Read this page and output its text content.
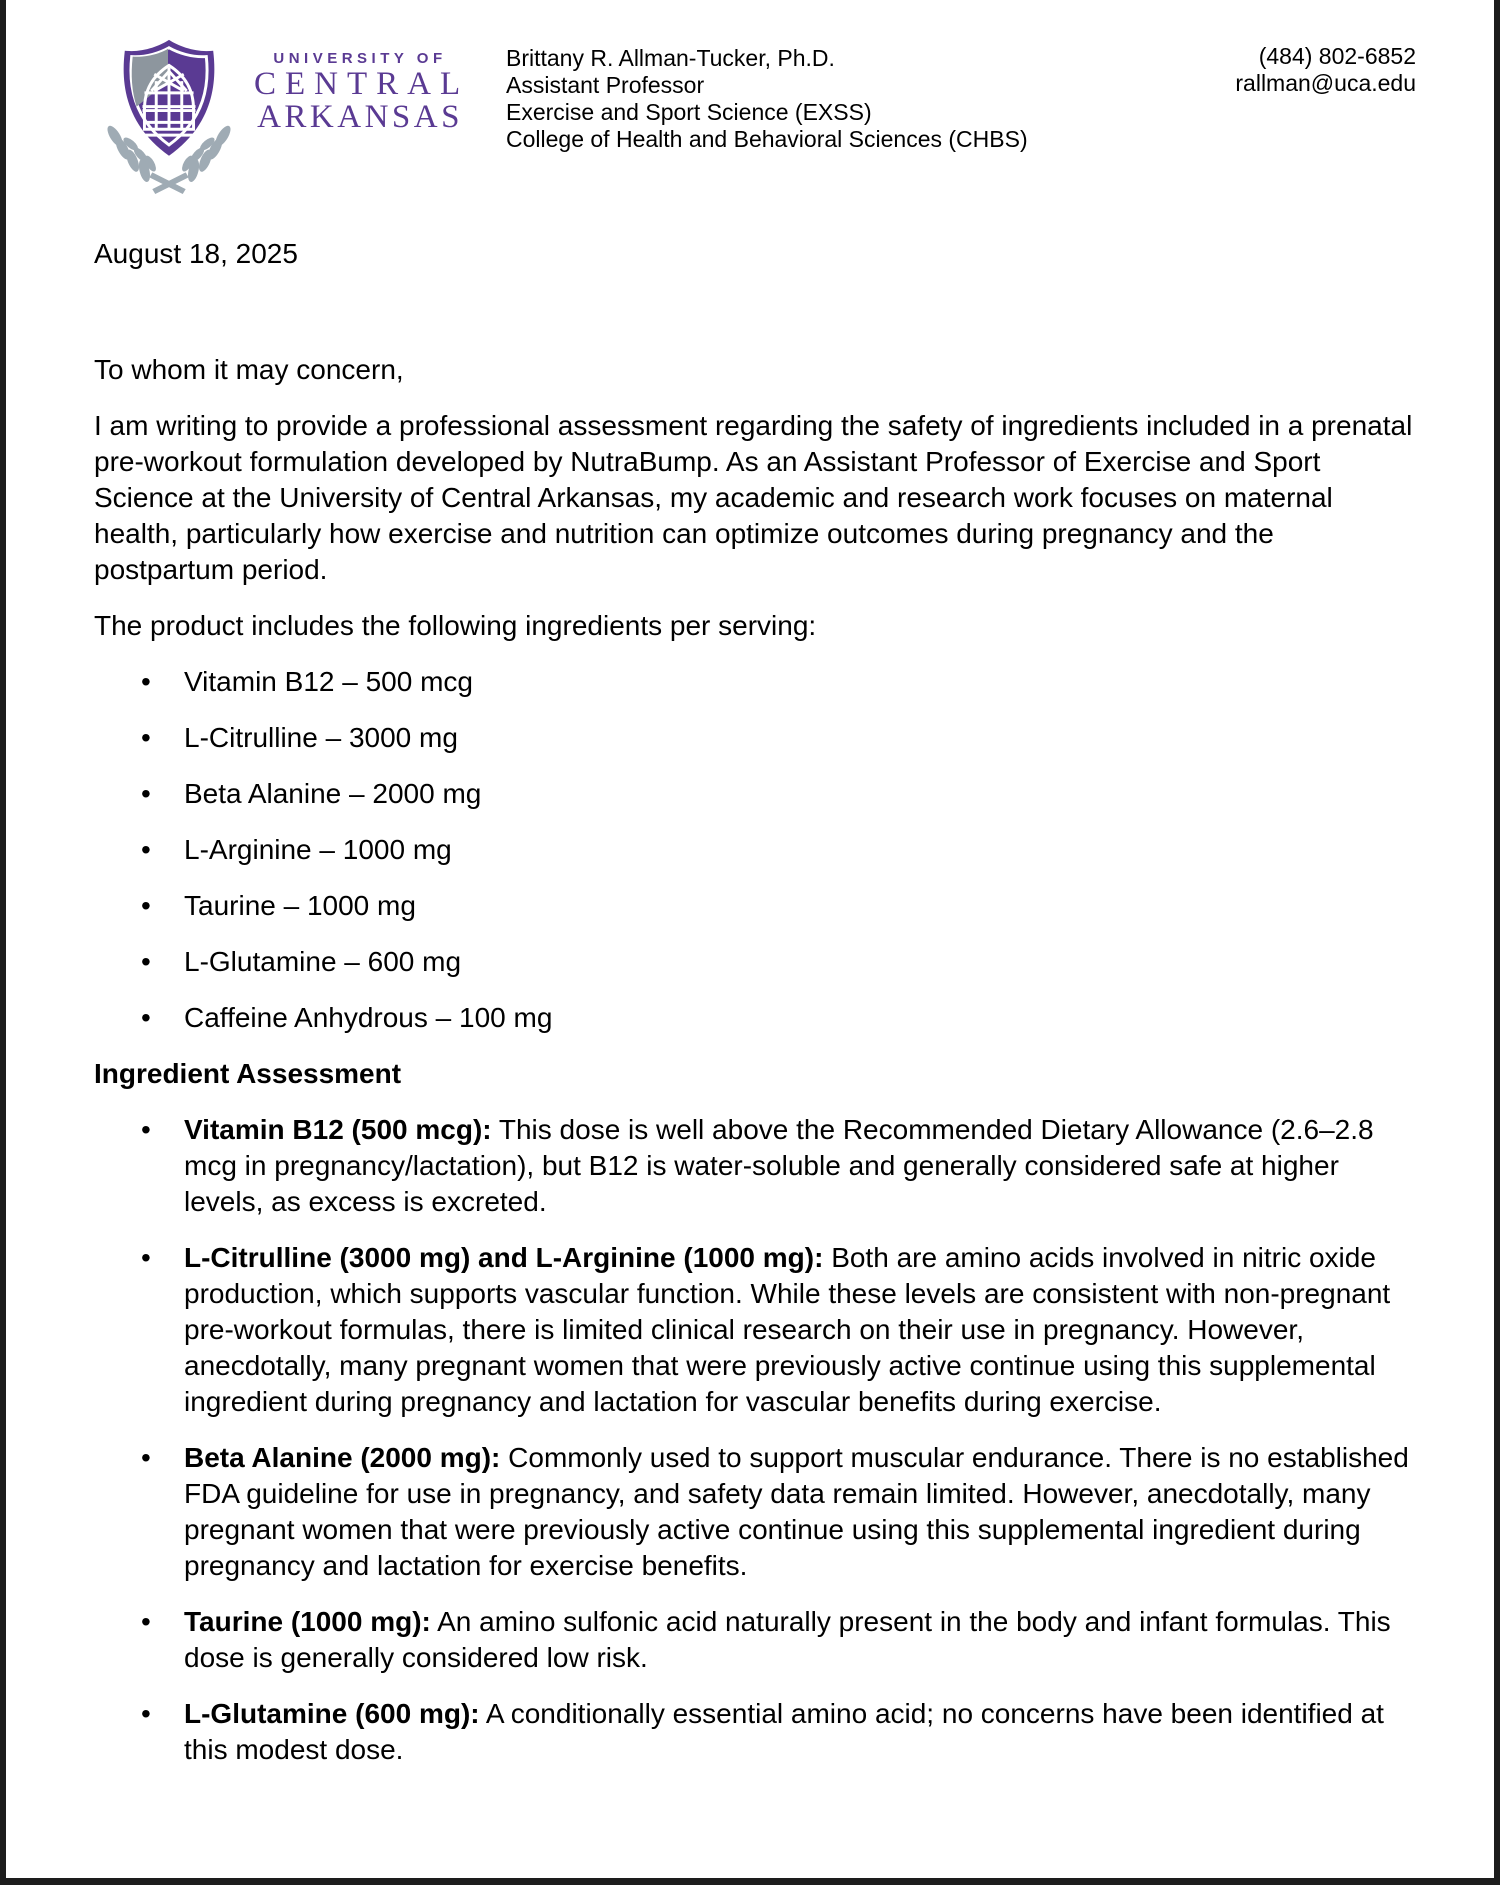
UNIVERSITY OF
CENTRAL
ARKANSAS
Brittany R. Allman-Tucker, Ph.D.
Assistant Professor
Exercise and Sport Science (EXSS)
College of Health and Behavioral Sciences (CHBS)
(484) 802-6852
rallman@uca.edu

August 18, 2025

To whom it may concern,

I am writing to provide a professional assessment regarding the safety of ingredients included in a prenatal pre-workout formulation developed by NutraBump. As an Assistant Professor of Exercise and Sport Science at the University of Central Arkansas, my academic and research work focuses on maternal health, particularly how exercise and nutrition can optimize outcomes during pregnancy and the postpartum period.

The product includes the following ingredients per serving:

• Vitamin B12 – 500 mcg
• L-Citrulline – 3000 mg
• Beta Alanine – 2000 mg
• L-Arginine – 1000 mg
• Taurine – 1000 mg
• L-Glutamine – 600 mg
• Caffeine Anhydrous – 100 mg

Ingredient Assessment

• Vitamin B12 (500 mcg): This dose is well above the Recommended Dietary Allowance (2.6–2.8 mcg in pregnancy/lactation), but B12 is water-soluble and generally considered safe at higher levels, as excess is excreted.
• L-Citrulline (3000 mg) and L-Arginine (1000 mg): Both are amino acids involved in nitric oxide production, which supports vascular function. While these levels are consistent with non-pregnant pre-workout formulas, there is limited clinical research on their use in pregnancy. However, anecdotally, many pregnant women that were previously active continue using this supplemental ingredient during pregnancy and lactation for vascular benefits during exercise.
• Beta Alanine (2000 mg): Commonly used to support muscular endurance. There is no established FDA guideline for use in pregnancy, and safety data remain limited. However, anecdotally, many pregnant women that were previously active continue using this supplemental ingredient during pregnancy and lactation for exercise benefits.
• Taurine (1000 mg): An amino sulfonic acid naturally present in the body and infant formulas. This dose is generally considered low risk.
• L-Glutamine (600 mg): A conditionally essential amino acid; no concerns have been identified at this modest dose.
